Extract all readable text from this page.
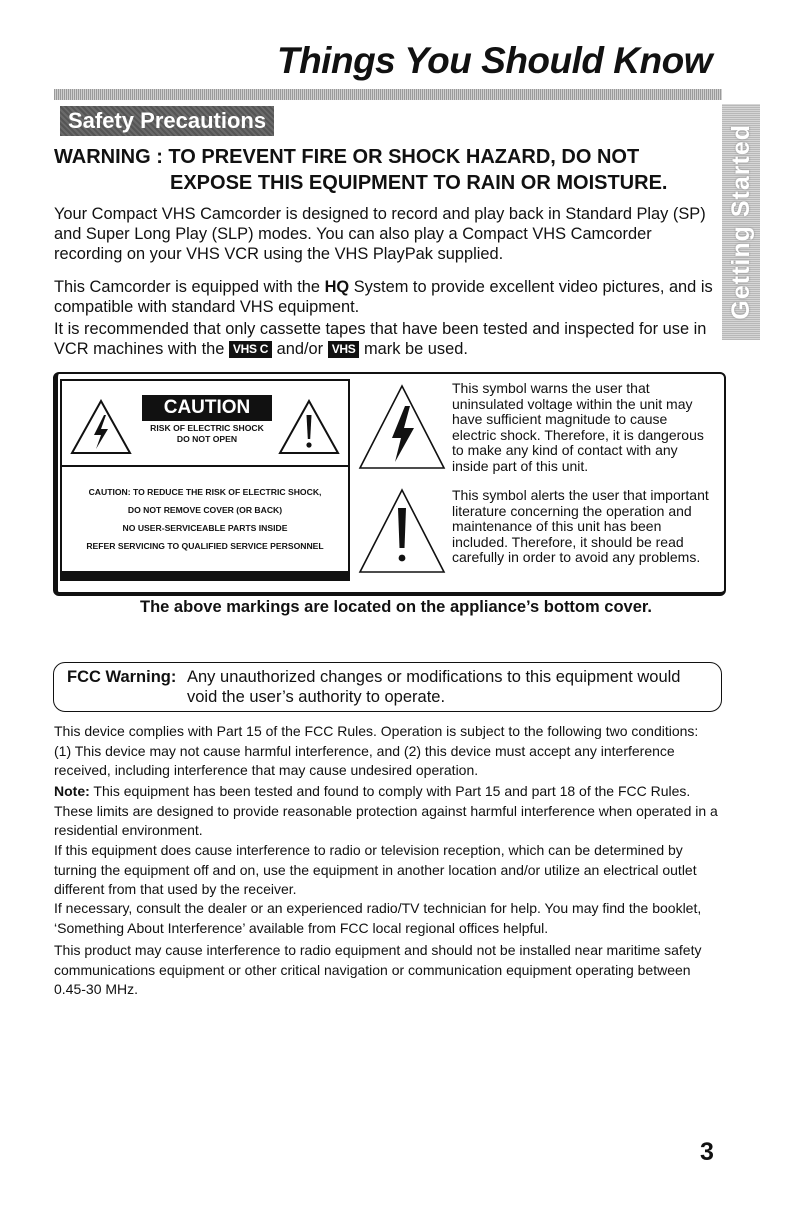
Things You Should Know
Safety Precautions
Getting Started
WARNING : TO PREVENT FIRE OR SHOCK HAZARD, DO NOT
EXPOSE THIS EQUIPMENT TO RAIN OR MOISTURE.
Your Compact VHS Camcorder is designed to record and play back in Standard Play (SP) and Super Long Play (SLP) modes. You can also play a Compact VHS Camcorder recording on your VHS VCR using the VHS PlayPak supplied.
This Camcorder is equipped with the HQ System to provide excellent video pictures, and is compatible with standard VHS equipment.
It is recommended that only cassette tapes that have been tested and inspected for use in VCR machines with the VHS C and/or VHS mark be used.
CAUTION
RISK OF ELECTRIC SHOCK
DO NOT OPEN
CAUTION: TO REDUCE THE RISK OF ELECTRIC SHOCK,
DO NOT REMOVE COVER (OR BACK)
NO USER-SERVICEABLE PARTS INSIDE
REFER SERVICING TO QUALIFIED SERVICE PERSONNEL
This symbol warns the user that uninsulated voltage within the unit may have sufficient magnitude to cause electric shock. Therefore, it is dangerous to make any kind of contact with any inside part of this unit.
This symbol alerts the user that important literature concerning the operation and maintenance of this unit has been included. Therefore, it should be read carefully in order to avoid any problems.
The above markings are located on the appliance’s bottom cover.
FCC Warning: Any unauthorized changes or modifications to this equipment would void the user’s authority to operate.
This device complies with Part 15 of the FCC Rules. Operation is subject to the following two conditions: (1) This device may not cause harmful interference, and (2) this device must accept any interference received, including interference that may cause undesired operation.
Note: This equipment has been tested and found to comply with Part 15 and part 18 of the FCC Rules. These limits are designed to provide reasonable protection against harmful interference when operated in a residential environment.
If this equipment does cause interference to radio or television reception, which can be determined by turning the equipment off and on, use the equipment in another location and/or utilize an electrical outlet different from that used by the receiver.
If necessary, consult the dealer or an experienced radio/TV technician for help. You may find the booklet, ‘Something About Interference’ available from FCC local regional offices helpful.
This product may cause interference to radio equipment and should not be installed near maritime safety communications equipment or other critical navigation or communication equipment operating between 0.45-30 MHz.
3
